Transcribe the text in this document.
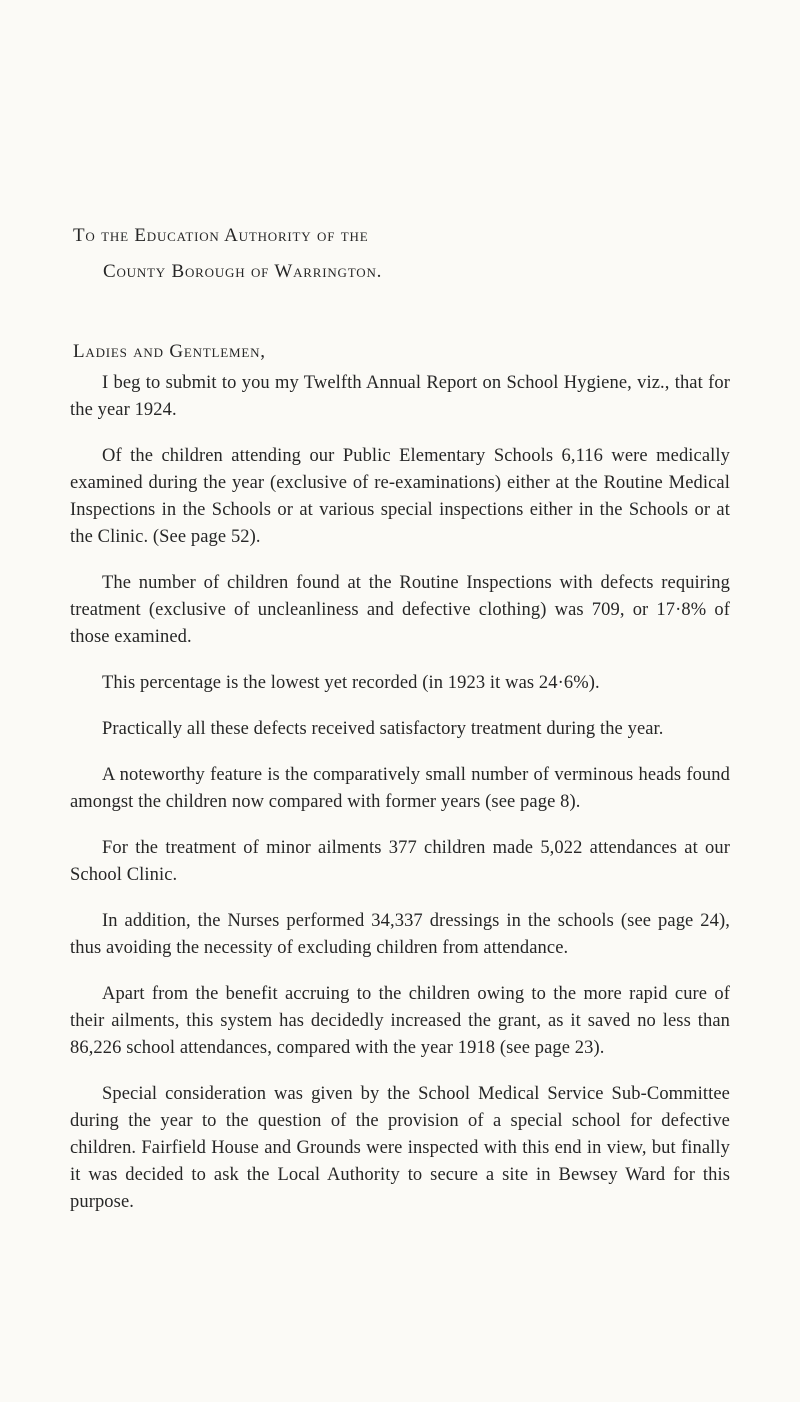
To the Education Authority of the
County Borough of Warrington.
Ladies and Gentlemen,

I beg to submit to you my Twelfth Annual Report on School Hygiene, viz., that for the year 1924.

Of the children attending our Public Elementary Schools 6,116 were medically examined during the year (exclusive of re-examinations) either at the Routine Medical Inspections in the Schools or at various special inspections either in the Schools or at the Clinic. (See page 52).

The number of children found at the Routine Inspections with defects requiring treatment (exclusive of uncleanliness and defective clothing) was 709, or 17·8% of those examined.

This percentage is the lowest yet recorded (in 1923 it was 24·6%).

Practically all these defects received satisfactory treatment during the year.

A noteworthy feature is the comparatively small number of verminous heads found amongst the children now compared with former years (see page 8).

For the treatment of minor ailments 377 children made 5,022 attendances at our School Clinic.

In addition, the Nurses performed 34,337 dressings in the schools (see page 24), thus avoiding the necessity of excluding children from attendance.

Apart from the benefit accruing to the children owing to the more rapid cure of their ailments, this system has decidedly increased the grant, as it saved no less than 86,226 school attendances, compared with the year 1918 (see page 23).

Special consideration was given by the School Medical Service Sub-Committee during the year to the question of the provision of a special school for defective children. Fairfield House and Grounds were inspected with this end in view, but finally it was decided to ask the Local Authority to secure a site in Bewsey Ward for this purpose.
